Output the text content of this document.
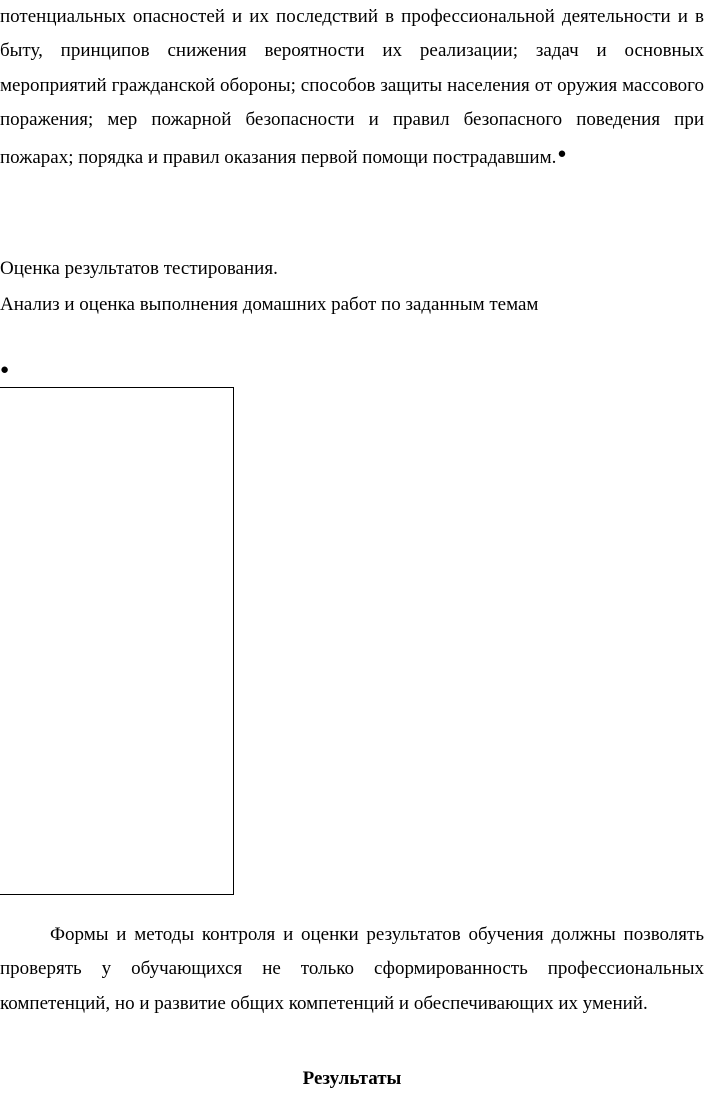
потенциальных опасностей и их последствий в профессиональной деятельности и в быту, принципов снижения вероятности их реализации; задач и основных мероприятий гражданской обороны; способов защиты населения от оружия массового поражения; мер пожарной безопасности и правил безопасного поведения при пожарах; порядка и правил оказания первой помощи пострадавшим.●

Оценка результатов тестирования.

Анализ и оценка выполнения домашних работ по заданным темам

●

Формы и методы контроля и оценки результатов обучения должны позволять проверять у обучающихся не только сформированность профессиональных компетенций, но и развитие общих компетенций и обеспечивающих их умений.

Результаты
